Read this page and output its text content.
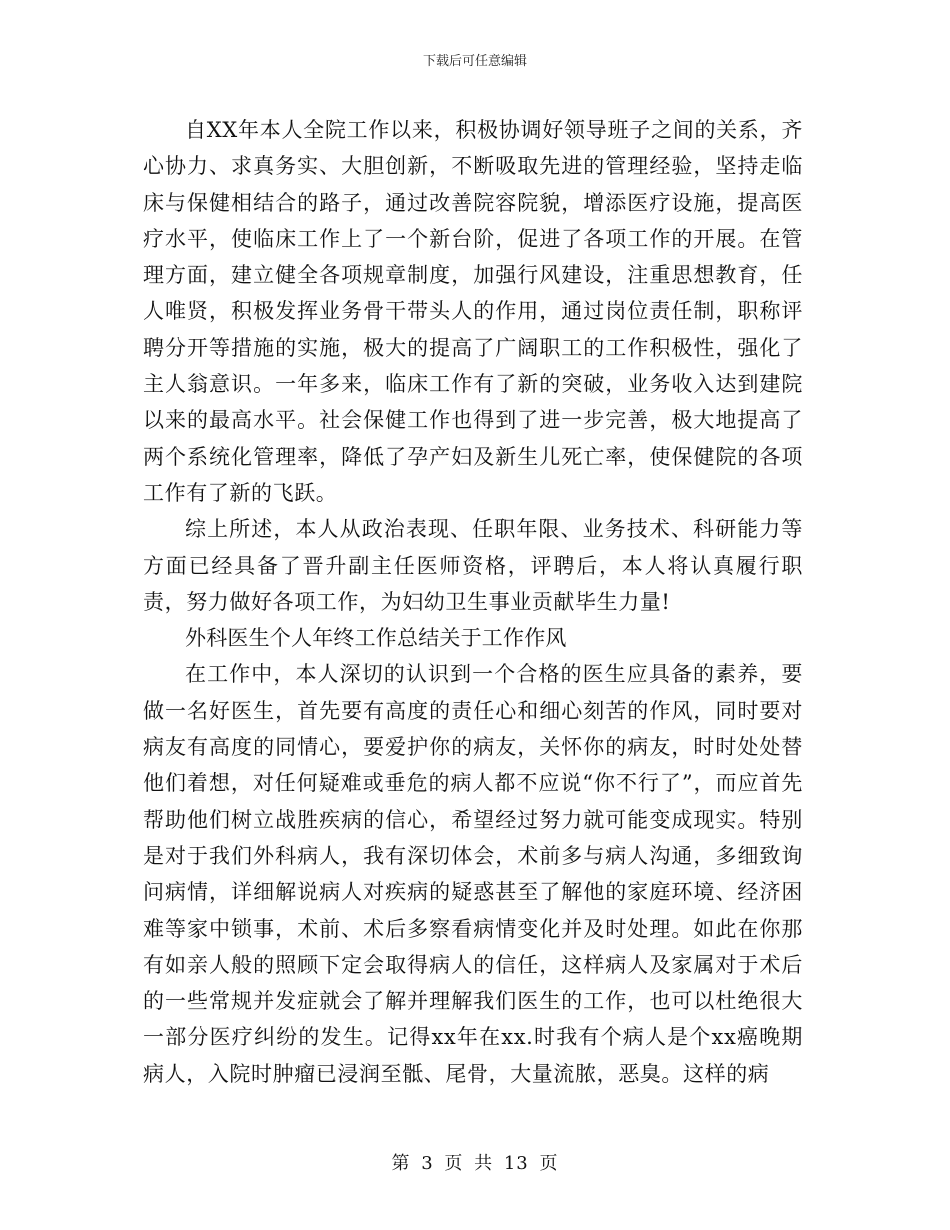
下载后可任意编辑

自XX年本人全院工作以来，积极协调好领导班子之间的关系，齐心协力、求真务实、大胆创新，不断吸取先进的管理经验，坚持走临床与保健相结合的路子，通过改善院容院貌，增添医疗设施，提高医疗水平，使临床工作上了一个新台阶，促进了各项工作的开展。在管理方面，建立健全各项规章制度，加强行风建设，注重思想教育，任人唯贤，积极发挥业务骨干带头人的作用，通过岗位责任制，职称评聘分开等措施的实施，极大的提高了广阔职工的工作积极性，强化了主人翁意识。一年多来，临床工作有了新的突破，业务收入达到建院以来的最高水平。社会保健工作也得到了进一步完善，极大地提高了两个系统化管理率，降低了孕产妇及新生儿死亡率，使保健院的各项工作有了新的飞跃。

综上所述，本人从政治表现、任职年限、业务技术、科研能力等方面已经具备了晋升副主任医师资格，评聘后，本人将认真履行职责，努力做好各项工作，为妇幼卫生事业贡献毕生力量!

外科医生个人年终工作总结关于工作作风

在工作中，本人深切的认识到一个合格的医生应具备的素养，要做一名好医生，首先要有高度的责任心和细心刻苦的作风，同时要对病友有高度的同情心，要爱护你的病友，关怀你的病友，时时处处替他们着想，对任何疑难或垂危的病人都不应说“你不行了”，而应首先帮助他们树立战胜疾病的信心，希望经过努力就可能变成现实。特别是对于我们外科病人，我有深切体会，术前多与病人沟通，多细致询问病情，详细解说病人对疾病的疑惑甚至了解他的家庭环境、经济困难等家中锁事，术前、术后多察看病情变化并及时处理。如此在你那有如亲人般的照顾下定会取得病人的信任，这样病人及家属对于术后的一些常规并发症就会了解并理解我们医生的工作，也可以杜绝很大一部分医疗纠纷的发生。记得xx年在xx.时我有个病人是个xx癌晚期病人，入院时肿瘤已浸润至骶、尾骨，大量流脓，恶臭。这样的病

第 3 页 共 13 页
